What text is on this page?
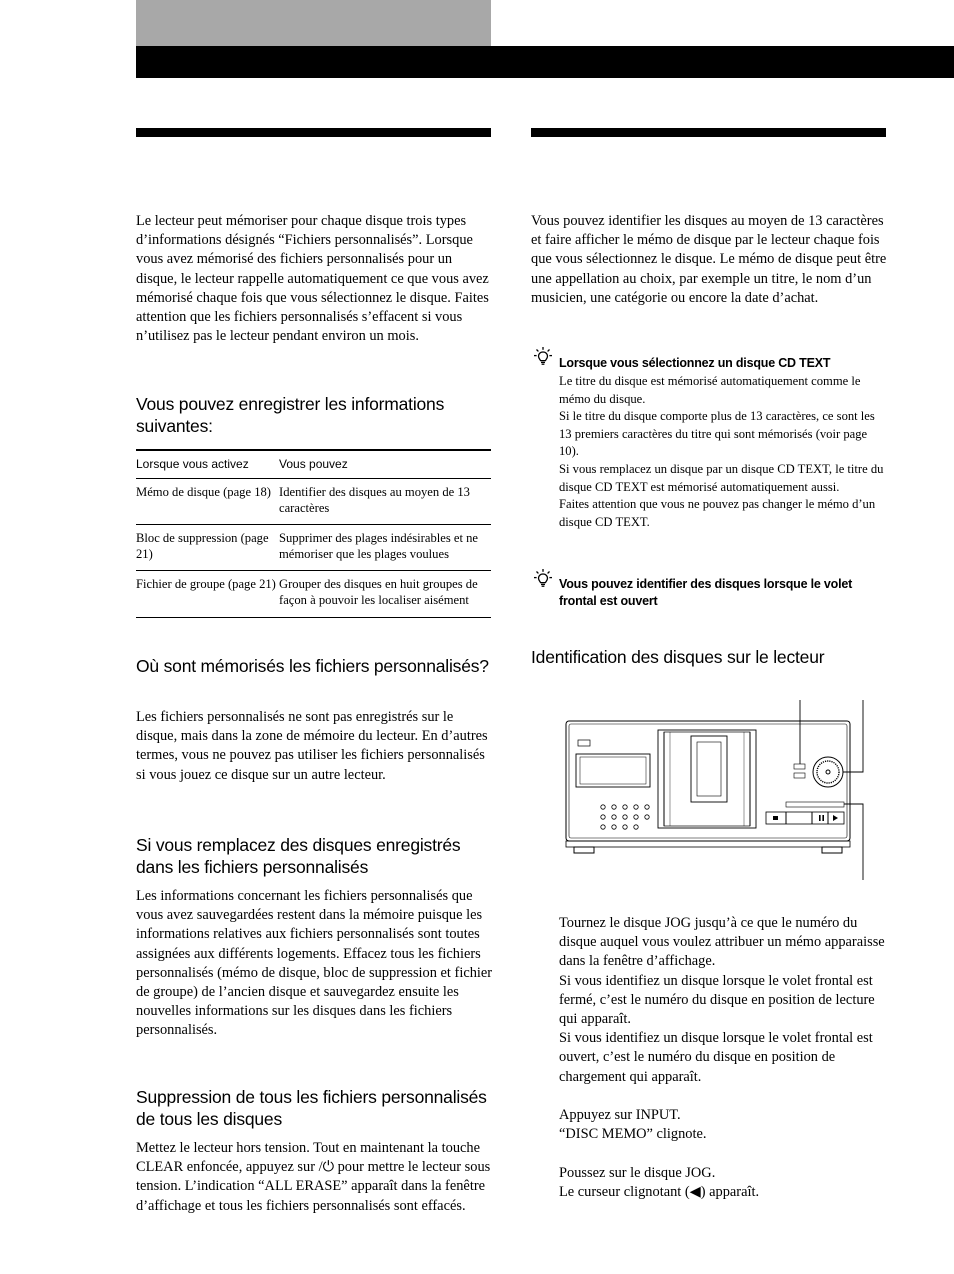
Le lecteur peut mémoriser pour chaque disque trois types d’informations désignés “Fichiers personnalisés”. Lorsque vous avez mémorisé des fichiers personnalisés pour un disque, le lecteur rappelle automatiquement ce que vous avez mémorisé chaque fois que vous sélectionnez le disque. Faites attention que les fichiers personnalisés s’effacent si vous n’utilisez pas le lecteur pendant environ un mois.
Vous pouvez enregistrer les informations suivantes:
Lorsque vous activez	Vous pouvez
Mémo de disque (page 18)	Identifier des disques au moyen de 13 caractères
Bloc de suppression (page 21)	Supprimer des plages indésirables et ne mémoriser que les plages voulues
Fichier de groupe (page 21)	Grouper des disques en huit groupes de façon à pouvoir les localiser aisément
Où sont mémorisés les fichiers personnalisés?
Les fichiers personnalisés ne sont pas enregistrés sur le disque, mais dans la zone de mémoire du lecteur. En d’autres termes, vous ne pouvez pas utiliser les fichiers personnalisés si vous jouez ce disque sur un autre lecteur.
Si vous remplacez des disques enregistrés dans les fichiers personnalisés
Les informations concernant les fichiers personnalisés que vous avez sauvegardées restent dans la mémoire puisque les informations relatives aux fichiers personnalisés sont toutes assignées aux différents logements. Effacez tous les fichiers personnalisés (mémo de disque, bloc de suppression et fichier de groupe) de l’ancien disque et sauvegardez ensuite les nouvelles informations sur les disques dans les fichiers personnalisés.
Suppression de tous les fichiers personnalisés de tous les disques
Mettez le lecteur hors tension. Tout en maintenant la touche CLEAR enfoncée, appuyez sur /⏻ pour mettre le lecteur sous tension. L’indication “ALL ERASE” apparaît dans la fenêtre d’affichage et tous les fichiers personnalisés sont effacés.
Vous pouvez identifier les disques au moyen de 13 caractères et faire afficher le mémo de disque par le lecteur chaque fois que vous sélectionnez le disque. Le mémo de disque peut être une appellation au choix, par exemple un titre, le nom d’un musicien, une catégorie ou encore la date d’achat.
Lorsque vous sélectionnez un disque CD TEXT
Le titre du disque est mémorisé automatiquement comme le mémo du disque.
Si le titre du disque comporte plus de 13 caractères, ce sont les 13 premiers caractères du titre qui sont mémorisés (voir page 10).
Si vous remplacez un disque par un disque CD TEXT, le titre du disque CD TEXT est mémorisé automatiquement aussi.
Faites attention que vous ne pouvez pas changer le mémo d’un disque CD TEXT.
Vous pouvez identifier des disques lorsque le volet frontal est ouvert
Identification des disques sur le lecteur
Tournez le disque JOG jusqu’à ce que le numéro du disque auquel vous voulez attribuer un mémo apparaisse dans la fenêtre d’affichage.
Si vous identifiez un disque lorsque le volet frontal est fermé, c’est le numéro du disque en position de lecture qui apparaît.
Si vous identifiez un disque lorsque le volet frontal est ouvert, c’est le numéro du disque en position de chargement qui apparaît.
Appuyez sur INPUT.
“DISC MEMO” clignote.
Poussez sur le disque JOG.
Le curseur clignotant (◀) apparaît.
